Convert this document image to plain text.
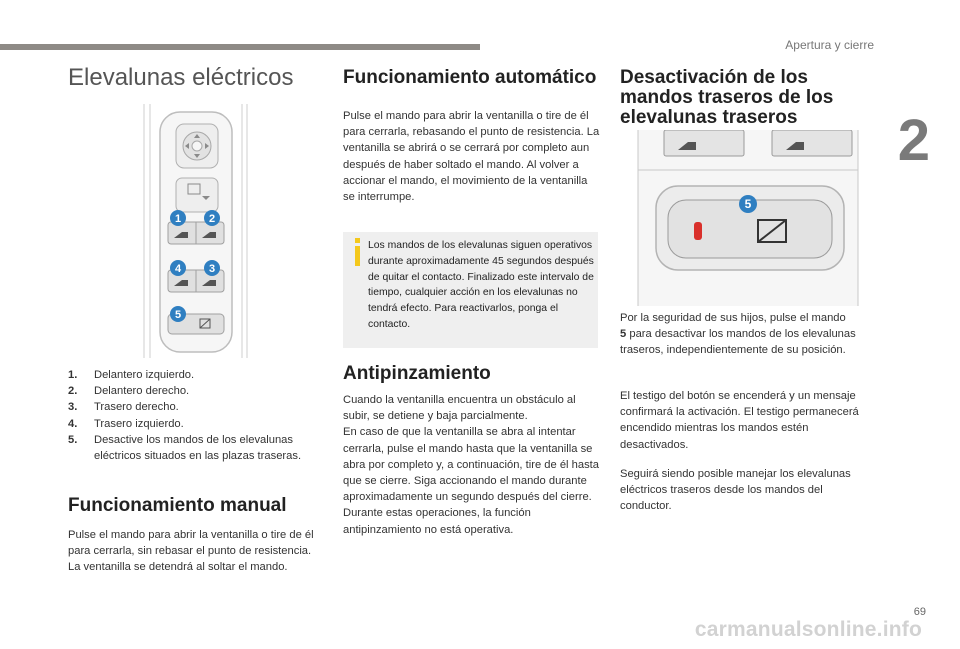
Apertura y cierre
2
69
carmanualsonline.info
Elevalunas eléctricos
1	2
4	3
5
1.	Delantero izquierdo.
2.	Delantero derecho.
3.	Trasero derecho.
4.	Trasero izquierdo.
5.	Desactive los mandos de los elevalunas eléctricos situados en las plazas traseras.
Funcionamiento manual

Pulse el mando para abrir la ventanilla o tire de él para cerrarla, sin rebasar el punto de resistencia. La ventanilla se detendrá al soltar el mando.

Funcionamiento automático

Pulse el mando para abrir la ventanilla o tire de él para cerrarla, rebasando el punto de resistencia. La ventanilla se abrirá o se cerrará por completo aun después de haber soltado el mando. Al volver a accionar el mando, el movimiento de la ventanilla se interrumpe.

Los mandos de los elevalunas siguen operativos durante aproximadamente 45 segundos después de quitar el contacto. Finalizado este intervalo de tiempo, cualquier acción en los elevalunas no tendrá efecto. Para reactivarlos, ponga el contacto.

Antipinzamiento

Cuando la ventanilla encuentra un obstáculo al subir, se detiene y baja parcialmente.

En caso de que la ventanilla se abra al intentar cerrarla, pulse el mando hasta que la ventanilla se abra por completo y, a continuación, tire de él hasta que se cierre. Siga accionando el mando durante aproximadamente un segundo después del cierre.

Durante estas operaciones, la función antipinzamiento no está operativa.

Desactivación de los mandos traseros de los elevalunas traseros
5

Por la seguridad de sus hijos, pulse el mando
5 para desactivar los mandos de los elevalunas traseros, independientemente de su posición.

El testigo del botón se encenderá y un mensaje confirmará la activación. El testigo permanecerá encendido mientras los mandos estén desactivados.

Seguirá siendo posible manejar los elevalunas eléctricos traseros desde los mandos del conductor.
